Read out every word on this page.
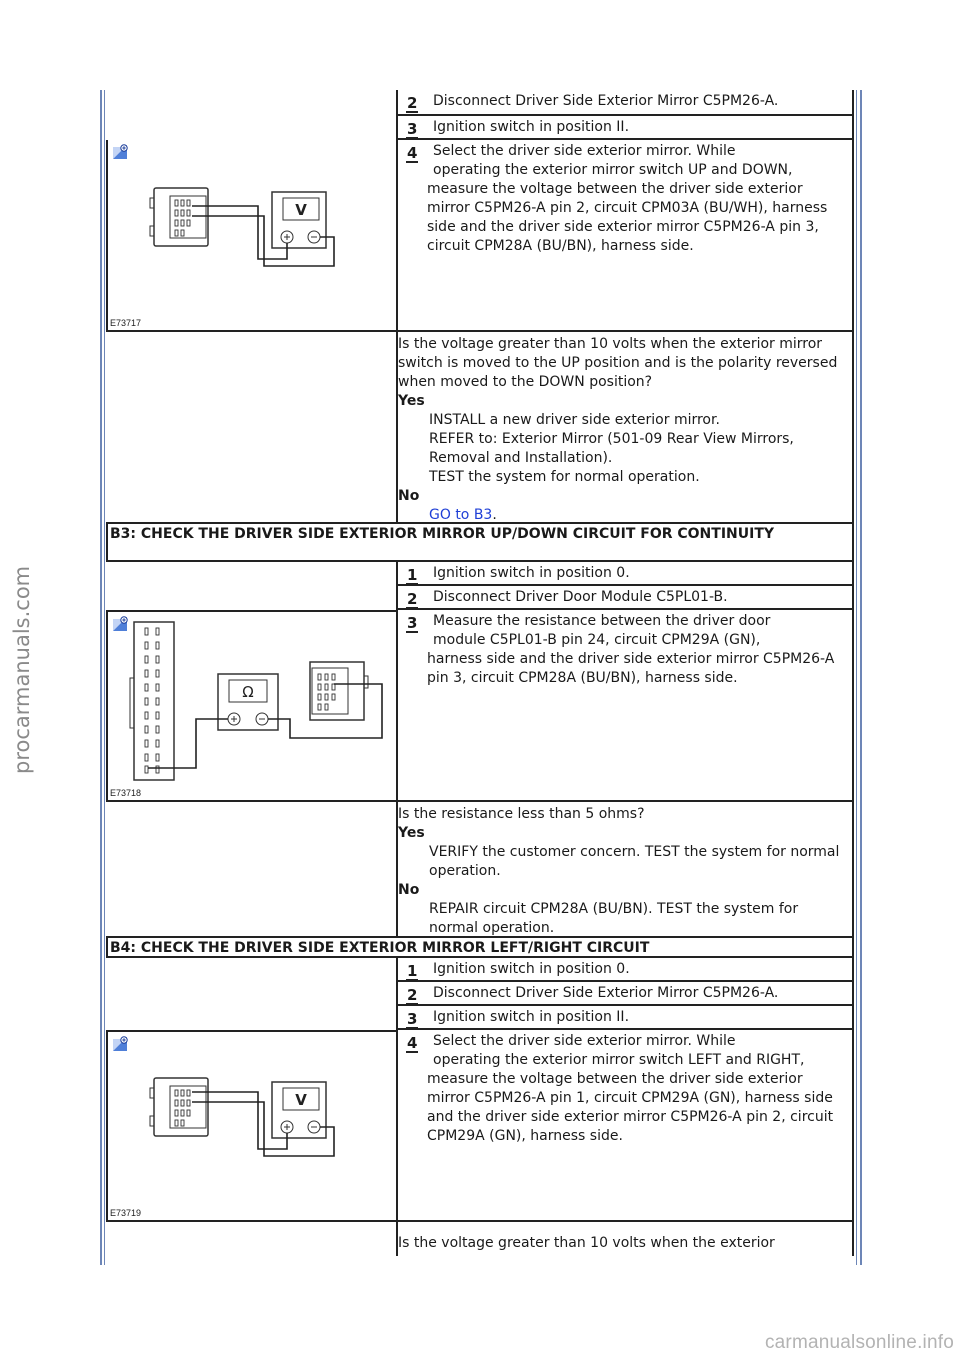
procarmanuals.com
carmanualsonline.info
2 Disconnect Driver Side Exterior Mirror C5PM26-A.
3 Ignition switch in position II.
V
E73717
4 Select the driver side exterior mirror. While
operating the exterior mirror switch UP and DOWN,
measure the voltage between the driver side exterior mirror C5PM26-A pin 2, circuit CPM03A (BU/WH), harness side and the driver side exterior mirror C5PM26-A pin 3, circuit CPM28A (BU/BN), harness side.
Is the voltage greater than 10 volts when the exterior mirror switch is moved to the UP position and is the polarity reversed when moved to the DOWN position?
Yes
INSTALL a new driver side exterior mirror.
REFER to: Exterior Mirror (501-09 Rear View Mirrors, Removal and Installation).
TEST the system for normal operation.
No
GO to B3.
B3: CHECK THE DRIVER SIDE EXTERIOR MIRROR UP/DOWN CIRCUIT FOR CONTINUITY
1 Ignition switch in position 0.
2 Disconnect Driver Door Module C5PL01-B.
Ω
E73718
3 Measure the resistance between the driver door
module C5PL01-B pin 24, circuit CPM29A (GN),
harness side and the driver side exterior mirror C5PM26-A pin 3, circuit CPM28A (BU/BN), harness side.
Is the resistance less than 5 ohms?
Yes
VERIFY the customer concern. TEST the system for normal operation.
No
REPAIR circuit CPM28A (BU/BN). TEST the system for normal operation.
B4: CHECK THE DRIVER SIDE EXTERIOR MIRROR LEFT/RIGHT CIRCUIT
1 Ignition switch in position 0.
2 Disconnect Driver Side Exterior Mirror C5PM26-A.
3 Ignition switch in position II.
V
E73719
4 Select the driver side exterior mirror. While
operating the exterior mirror switch LEFT and RIGHT,
measure the voltage between the driver side exterior mirror C5PM26-A pin 1, circuit CPM29A (GN), harness side and the driver side exterior mirror C5PM26-A pin 2, circuit CPM29A (GN), harness side.
Is the voltage greater than 10 volts when the exterior
